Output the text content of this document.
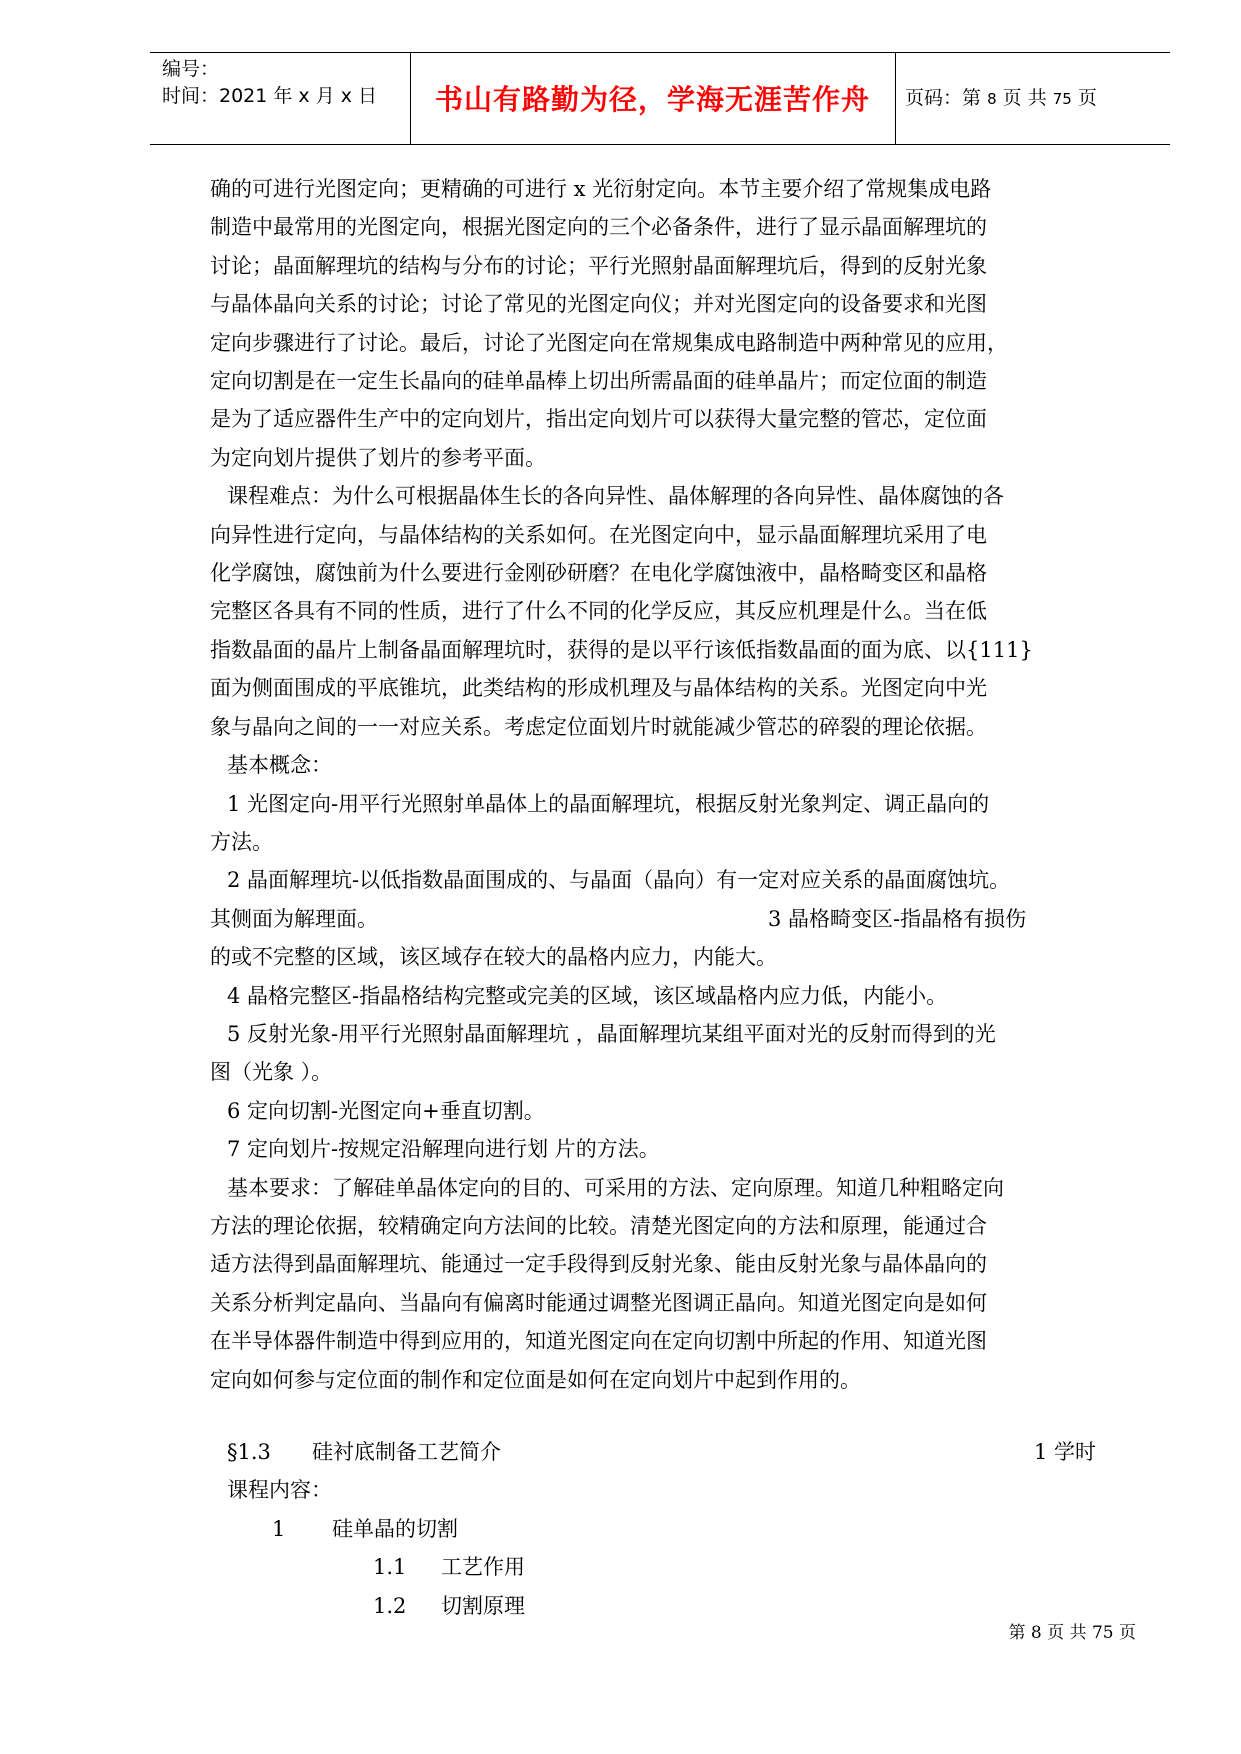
编号：
时间：2021 年 x 月 x 日	书山有路勤为径，学海无涯苦作舟	页码：第 8 页 共 75 页

确的可进行光图定向；更精确的可进行 x 光衍射定向。本节主要介绍了常规集成电路

制造中最常用的光图定向，根据光图定向的三个必备条件，进行了显示晶面解理坑的

讨论；晶面解理坑的结构与分布的讨论；平行光照射晶面解理坑后，得到的反射光象

与晶体晶向关系的讨论；讨论了常见的光图定向仪；并对光图定向的设备要求和光图

定向步骤进行了讨论。最后，讨论了光图定向在常规集成电路制造中两种常见的应用，

定向切割是在一定生长晶向的硅单晶棒上切出所需晶面的硅单晶片；而定位面的制造

是为了适应器件生产中的定向划片，指出定向划片可以获得大量完整的管芯，定位面

为定向划片提供了划片的参考平面。

课程难点：为什么可根据晶体生长的各向异性、晶体解理的各向异性、晶体腐蚀的各

向异性进行定向，与晶体结构的关系如何。在光图定向中，显示晶面解理坑采用了电

化学腐蚀，腐蚀前为什么要进行金刚砂研磨？在电化学腐蚀液中，晶格畸变区和晶格

完整区各具有不同的性质，进行了什么不同的化学反应，其反应机理是什么。当在低

指数晶面的晶片上制备晶面解理坑时，获得的是以平行该低指数晶面的面为底、以{111}

面为侧面围成的平底锥坑，此类结构的形成机理及与晶体结构的关系。光图定向中光

象与晶向之间的一一对应关系。考虑定位面划片时就能减少管芯的碎裂的理论依据。

基本概念：

1 光图定向-用平行光照射单晶体上的晶面解理坑，根据反射光象判定、调正晶向的

方法。

2 晶面解理坑-以低指数晶面围成的、与晶面（晶向）有一定对应关系的晶面腐蚀坑。

其侧面为解理面。	3 晶格畸变区-指晶格有损伤

的或不完整的区域，该区域存在较大的晶格内应力，内能大。

4 晶格完整区-指晶格结构完整或完美的区域，该区域晶格内应力低，内能小。

5 反射光象-用平行光照射晶面解理坑 ，晶面解理坑某组平面对光的反射而得到的光

图（光象 ）。

6 定向切割-光图定向+垂直切割。

7 定向划片-按规定沿解理向进行划 片的方法。

基本要求：了解硅单晶体定向的目的、可采用的方法、定向原理。知道几种粗略定向

方法的理论依据，较精确定向方法间的比较。清楚光图定向的方法和原理，能通过合

适方法得到晶面解理坑、能通过一定手段得到反射光象、能由反射光象与晶体晶向的

关系分析判定晶向、当晶向有偏离时能通过调整光图调正晶向。知道光图定向是如何

在半导体器件制造中得到应用的，知道光图定向在定向切割中所起的作用、知道光图

定向如何参与定位面的制作和定位面是如何在定向划片中起到作用的。

§1.3	硅衬底制备工艺简介	1 学时
课程内容：
1	硅单晶的切割
1.1	工艺作用
1.2	切割原理
第 8 页 共 75 页
